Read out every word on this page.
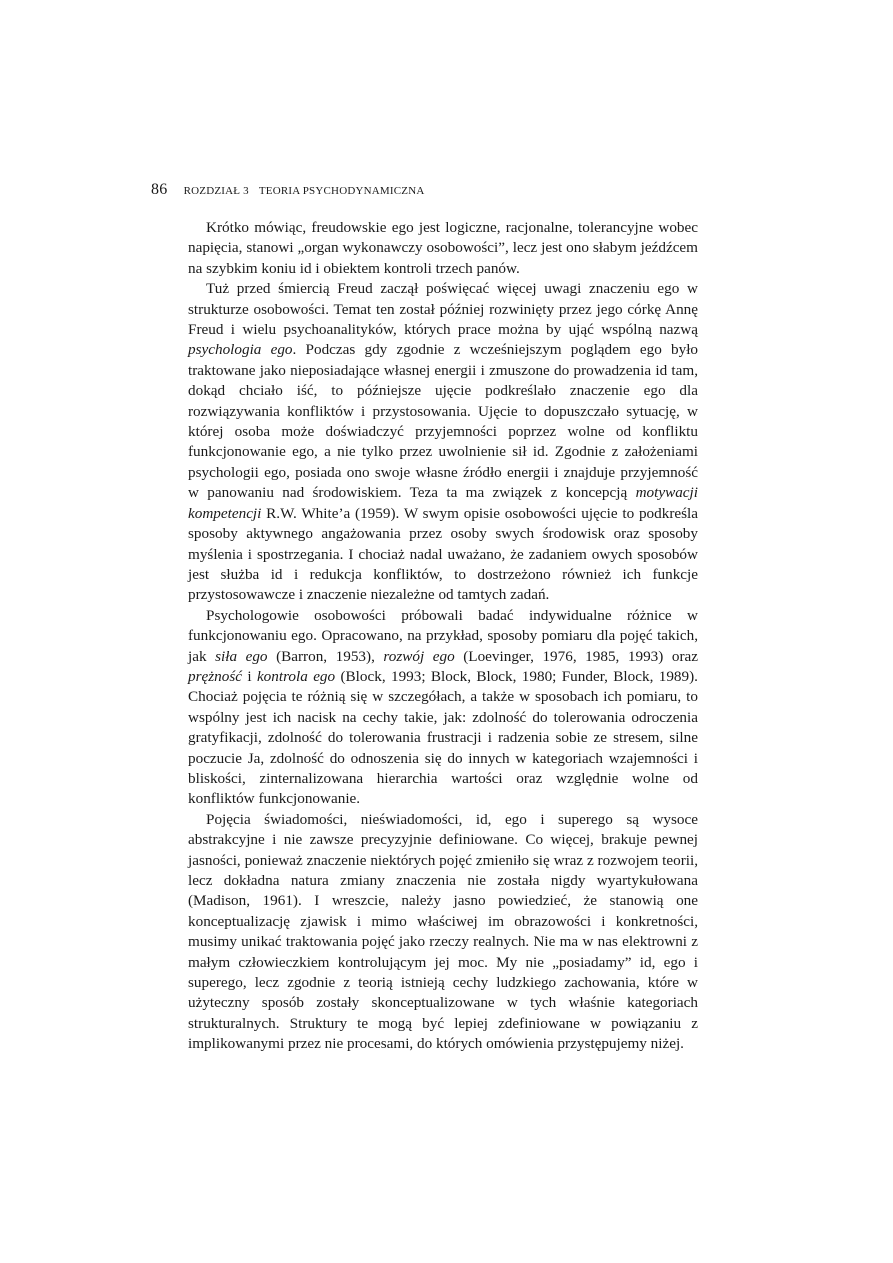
86 ROZDZIAŁ 3 TEORIA PSYCHODYNAMICZNA

Krótko mówiąc, freudowskie ego jest logiczne, racjonalne, tolerancyjne wobec napięcia, stanowi „organ wykonawczy osobowości”, lecz jest ono słabym jeźdźcem na szybkim koniu id i obiektem kontroli trzech panów.

Tuż przed śmiercią Freud zaczął poświęcać więcej uwagi znaczeniu ego w strukturze osobowości. Temat ten został później rozwinięty przez jego córkę Annę Freud i wielu psychoanalityków, których prace można by ująć wspólną nazwą psychologia ego. Podczas gdy zgodnie z wcześniejszym poglądem ego było traktowane jako nieposiadające własnej energii i zmuszone do prowadzenia id tam, dokąd chciało iść, to późniejsze ujęcie podkreślało znaczenie ego dla rozwiązywania konfliktów i przystosowania. Ujęcie to dopuszczało sytuację, w której osoba może doświadczyć przyjemności poprzez wolne od konfliktu funkcjonowanie ego, a nie tylko przez uwolnienie sił id. Zgodnie z założeniami psychologii ego, posiada ono swoje własne źródło energii i znajduje przyjemność w panowaniu nad środowiskiem. Teza ta ma związek z koncepcją motywacji kompetencji R.W. White’a (1959). W swym opisie osobowości ujęcie to podkreśla sposoby aktywnego angażowania przez osoby swych środowisk oraz sposoby myślenia i spostrzegania. I chociaż nadal uważano, że zadaniem owych sposobów jest służba id i redukcja konfliktów, to dostrzeżono również ich funkcje przystosowawcze i znaczenie niezależne od tamtych zadań.

Psychologowie osobowości próbowali badać indywidualne różnice w funkcjonowaniu ego. Opracowano, na przykład, sposoby pomiaru dla pojęć takich, jak siła ego (Barron, 1953), rozwój ego (Loevinger, 1976, 1985, 1993) oraz prężność i kontrola ego (Block, 1993; Block, Block, 1980; Funder, Block, 1989). Chociaż pojęcia te różnią się w szczegółach, a także w sposobach ich pomiaru, to wspólny jest ich nacisk na cechy takie, jak: zdolność do tolerowania odroczenia gratyfikacji, zdolność do tolerowania frustracji i radzenia sobie ze stresem, silne poczucie Ja, zdolność do odnoszenia się do innych w kategoriach wzajemności i bliskości, zinternalizowana hierarchia wartości oraz względnie wolne od konfliktów funkcjonowanie.

Pojęcia świadomości, nieświadomości, id, ego i superego są wysoce abstrakcyjne i nie zawsze precyzyjnie definiowane. Co więcej, brakuje pewnej jasności, ponieważ znaczenie niektórych pojęć zmieniło się wraz z rozwojem teorii, lecz dokładna natura zmiany znaczenia nie została nigdy wyartykułowana (Madison, 1961). I wreszcie, należy jasno powiedzieć, że stanowią one konceptualizację zjawisk i mimo właściwej im obrazowości i konkretności, musimy unikać traktowania pojęć jako rzeczy realnych. Nie ma w nas elektrowni z małym człowieczkiem kontrolującym jej moc. My nie „posiadamy” id, ego i superego, lecz zgodnie z teorią istnieją cechy ludzkiego zachowania, które w użyteczny sposób zostały skonceptualizowane w tych właśnie kategoriach strukturalnych. Struktury te mogą być lepiej zdefiniowane w powiązaniu z implikowanymi przez nie procesami, do których omówienia przystępujemy niżej.
